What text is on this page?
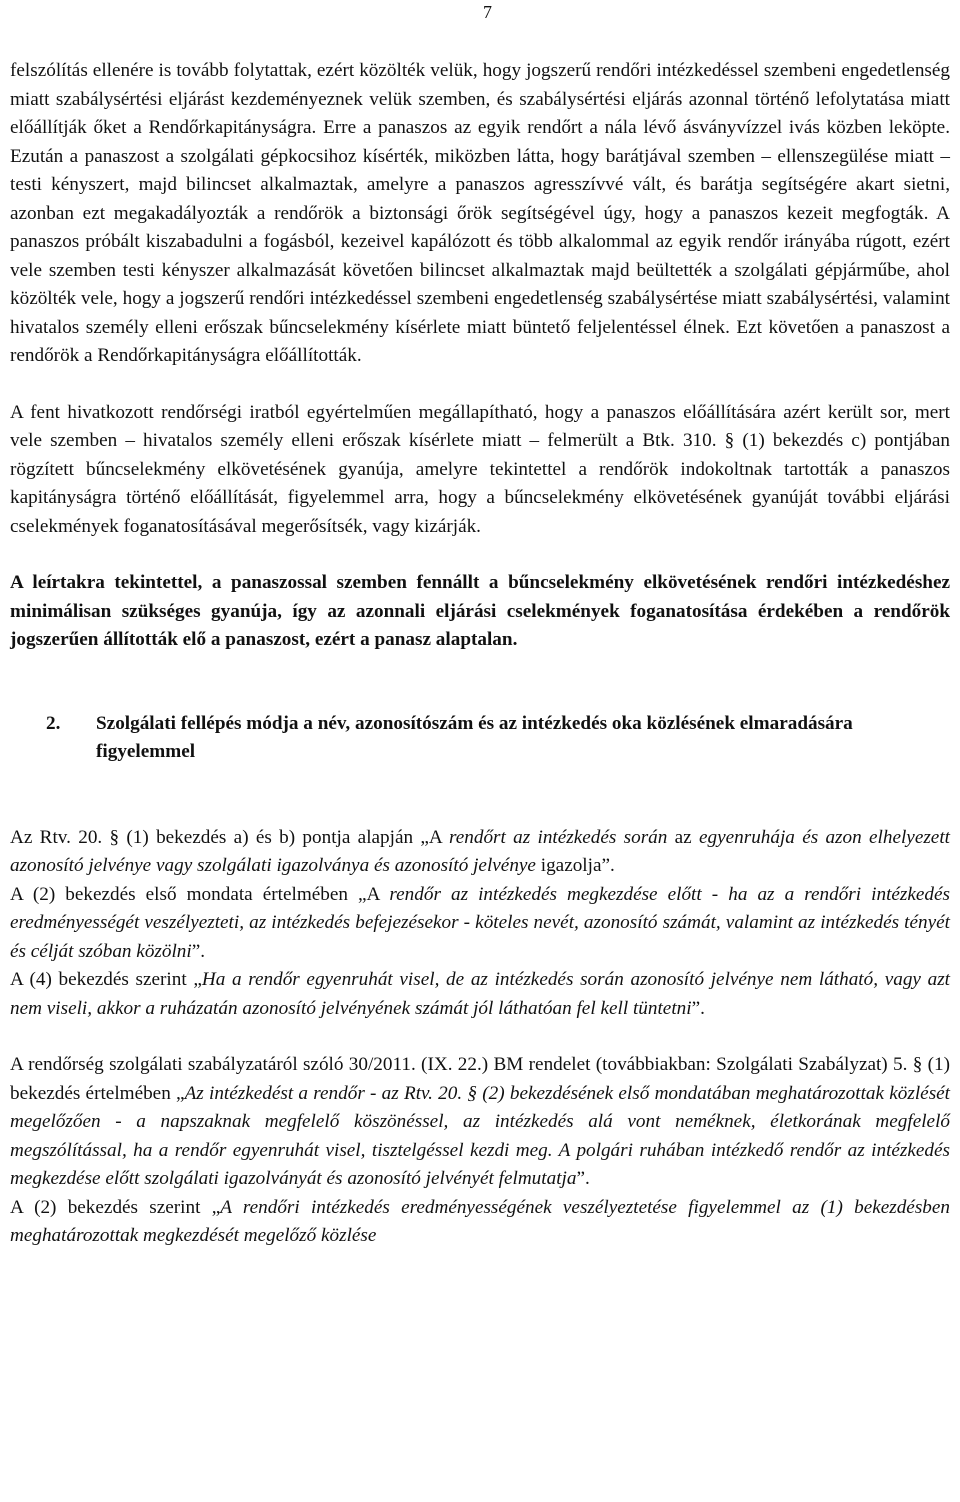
7

felszólítás ellenére is tovább folytattak, ezért közölték velük, hogy jogszerű rendőri intézkedéssel szembeni engedetlenség miatt szabálysértési eljárást kezdeményeznek velük szemben, és szabálysértési eljárás azonnal történő lefolytatása miatt előállítják őket a Rendőrkapitányságra. Erre a panaszos az egyik rendőrt a nála lévő ásványvízzel ivás közben leköpte. Ezután a panaszost a szolgálati gépkocsihoz kísérték, miközben látta, hogy barátjával szemben – ellenszegülése miatt – testi kényszert, majd bilincset alkalmaztak, amelyre a panaszos agresszívvé vált, és barátja segítségére akart sietni, azonban ezt megakadályozták a rendőrök a biztonsági őrök segítségével úgy, hogy a panaszos kezeit megfogták. A panaszos próbált kiszabadulni a fogásból, kezeivel kapálózott és több alkalommal az egyik rendőr irányába rúgott, ezért vele szemben testi kényszer alkalmazását követően bilincset alkalmaztak majd beültették a szolgálati gépjárműbe, ahol közölték vele, hogy a jogszerű rendőri intézkedéssel szembeni engedetlenség szabálysértése miatt szabálysértési, valamint hivatalos személy elleni erőszak bűncselekmény kísérlete miatt büntető feljelentéssel élnek. Ezt követően a panaszost a rendőrök a Rendőrkapitányságra előállították.

A fent hivatkozott rendőrségi iratból egyértelműen megállapítható, hogy a panaszos előállítására azért került sor, mert vele szemben – hivatalos személy elleni erőszak kísérlete miatt – felmerült a Btk. 310. § (1) bekezdés c) pontjában rögzített bűncselekmény elkövetésének gyanúja, amelyre tekintettel a rendőrök indokoltnak tartották a panaszos kapitányságra történő előállítását, figyelemmel arra, hogy a bűncselekmény elkövetésének gyanúját további eljárási cselekmények foganatosításával megerősítsék, vagy kizárják.

A leírtakra tekintettel, a panaszossal szemben fennállt a bűncselekmény elkövetésének rendőri intézkedéshez minimálisan szükséges gyanúja, így az azonnali eljárási cselekmények foganatosítása érdekében a rendőrök jogszerűen állították elő a panaszost, ezért a panasz alaptalan.

2.	Szolgálati fellépés módja a név, azonosítószám és az intézkedés oka közlésének elmaradására figyelemmel

Az Rtv. 20. § (1) bekezdés a) és b) pontja alapján „A rendőrt az intézkedés során az egyenruhája és azon elhelyezett azonosító jelvénye vagy szolgálati igazolványa és azonosító jelvénye igazolja”.

A (2) bekezdés első mondata értelmében „A rendőr az intézkedés megkezdése előtt - ha az a rendőri intézkedés eredményességét veszélyezteti, az intézkedés befejezésekor - köteles nevét, azonosító számát, valamint az intézkedés tényét és célját szóban közölni”.

A (4) bekezdés szerint „Ha a rendőr egyenruhát visel, de az intézkedés során azonosító jelvénye nem látható, vagy azt nem viseli, akkor a ruházatán azonosító jelvényének számát jól láthatóan fel kell tüntetni”.

A rendőrség szolgálati szabályzatáról szóló 30/2011. (IX. 22.) BM rendelet (továbbiakban: Szolgálati Szabályzat) 5. § (1) bekezdés értelmében „Az intézkedést a rendőr - az Rtv. 20. § (2) bekezdésének első mondatában meghatározottak közlését megelőzően - a napszaknak megfelelő köszönéssel, az intézkedés alá vont neméknek, életkorának megfelelő megszólítással, ha a rendőr egyenruhát visel, tisztelgéssel kezdi meg. A polgári ruhában intézkedő rendőr az intézkedés megkezdése előtt szolgálati igazolványát és azonosító jelvényét felmutatja”.

A (2) bekezdés szerint „A rendőri intézkedés eredményességének veszélyeztetése figyelemmel az (1) bekezdésben meghatározottak megkezdését megelőző közlése
